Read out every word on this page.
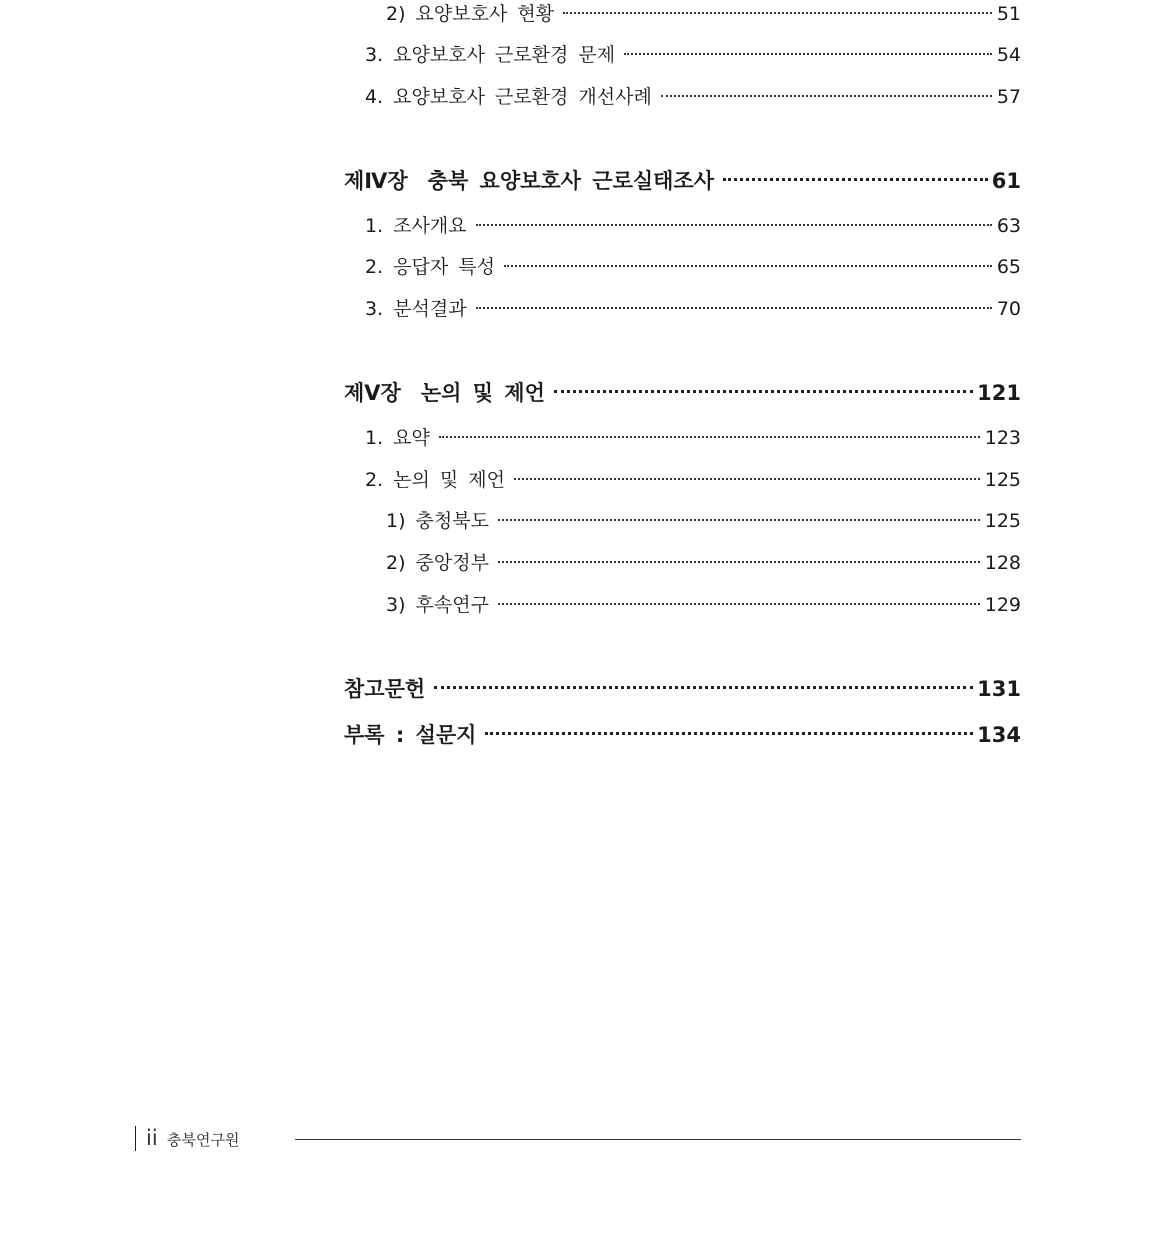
2) 요양보호사 현황	51
3. 요양보호사 근로환경 문제	54
4. 요양보호사 근로환경 개선사례	57
제Ⅳ장 충북 요양보호사 근로실태조사	61
1. 조사개요	63
2. 응답자 특성	65
3. 분석결과	70
제Ⅴ장 논의 및 제언	121
1. 요약	123
2. 논의 및 제언	125
1) 충청북도	125
2) 중앙정부	128
3) 후속연구	129
참고문헌	131
부록 : 설문지	134
ii 충북연구원
